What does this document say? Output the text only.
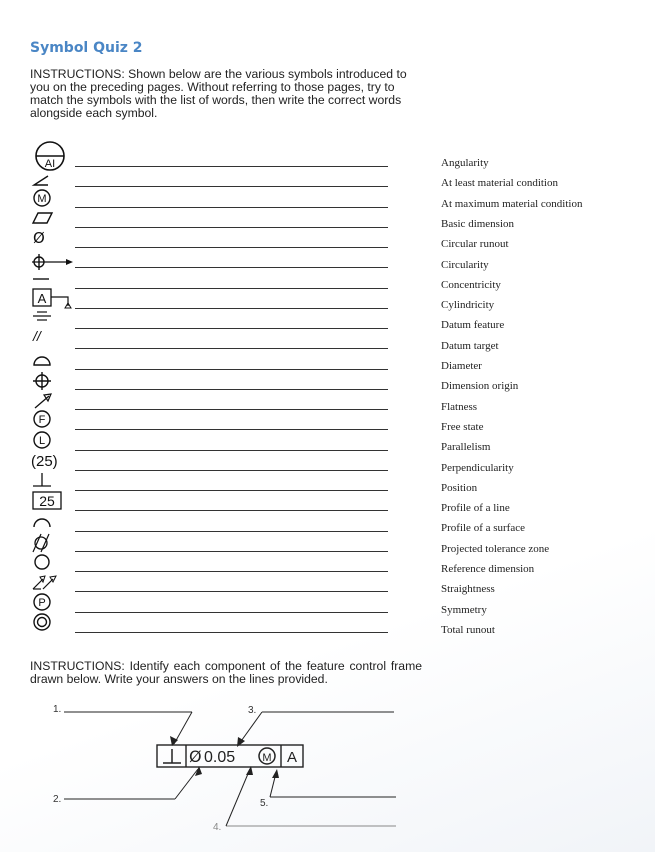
Symbol Quiz 2
INSTRUCTIONS: Shown below are the various symbols introduced to you on the preceding pages. Without referring to those pages, try to match the symbols with the list of words, then write the correct words alongside each symbol.
AI
M
Ø
A
//
F
L
(25)
25
P
Angularity
At least material condition
At maximum material condition
Basic dimension
Circular runout
Circularity
Concentricity
Cylindricity
Datum feature
Datum target
Diameter
Dimension origin
Flatness
Free state
Parallelism
Perpendicularity
Position
Profile of a line
Profile of a surface
Projected tolerance zone
Reference dimension
Straightness
Symmetry
Total runout
INSTRUCTIONS: Identify each component of the feature control frame drawn below. Write your answers on the lines provided.
Ø 0.05 M A
1.
2.
3.
4.
5.
